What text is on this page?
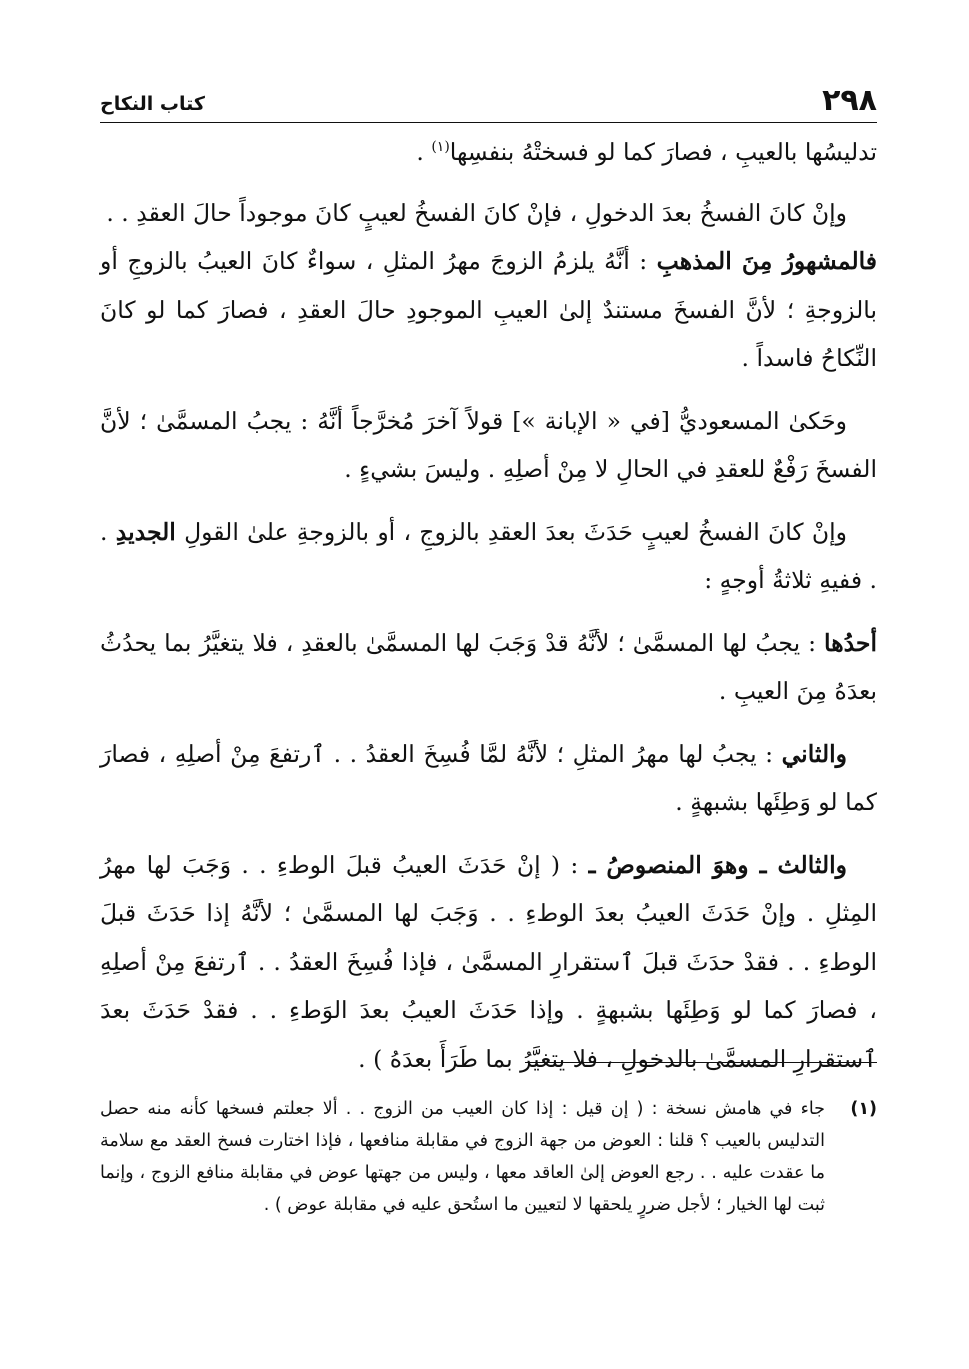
٢٩٨
كتاب النكاح

تدليسُها بالعيبِ ، فصارَ كما لو فسختْهُ بنفسِها$^{(١)}$ .

وإنْ كانَ الفسخُ بعدَ الدخولِ ، فإنْ كانَ الفسخُ لعيبٍ كانَ موجوداً حالَ العقدِ . .

فالمشهورُ مِنَ المذهبِ : أنَّهُ يلزمُ الزوجَ مهرُ المثلِ ، سواءٌ كانَ العيبُ بالزوجِ أو بالزوجةِ ؛ لأنَّ الفسخَ مستندٌ إلىٰ العيبِ الموجودِ حالَ العقدِ ، فصارَ كما لو كانَ النِّكاحُ فاسداً .

وحَكىٰ المسعوديُّ [في « الإبانة »] قولاً آخرَ مُخرَّجاً أنَّهُ : يجبُ المسمَّىٰ ؛ لأنَّ الفسخَ رَفْعٌ للعقدِ في الحالِ لا مِنْ أصلِهِ . وليسَ بشيءٍ .

وإنْ كانَ الفسخُ لعيبٍ حَدَثَ بعدَ العقدِ بالزوجِ ، أو بالزوجةِ علىٰ القولِ الجديدِ . . ففيهِ ثلاثةُ أوجهٍ :

أحدُها : يجبُ لها المسمَّىٰ ؛ لأنَّهُ قدْ وَجَبَ لها المسمَّىٰ بالعقدِ ، فلا يتغيَّرُ بما يحدُثُ بعدَهُ مِنَ العيبِ .

والثاني : يجبُ لها مهرُ المثلِ ؛ لأنَّهُ لمَّا فُسِخَ العقدُ . . ٱرتفعَ مِنْ أصلِهِ ، فصارَ كما لو وَطِئَها بشبهةٍ .

والثالث ـ وهوَ المنصوصُ ـ : ( إنْ حَدَثَ العيبُ قبلَ الوطءِ . . وَجَبَ لها مهرُ المِثلِ . وإنْ حَدَثَ العيبُ بعدَ الوطءِ . . وَجَبَ لها المسمَّىٰ ؛ لأنَّهُ إذا حَدَثَ قبلَ الوطءِ . . فقدْ حدَثَ قبلَ ٱستقرارِ المسمَّىٰ ، فإذا فُسِخَ العقدُ . . ٱرتفعَ مِنْ أصلِهِ ، فصارَ كما لو وَطِئَها بشبهةٍ . وإذا حَدَثَ العيبُ بعدَ الوَطءِ . . فقدْ حَدَثَ بعدَ ٱستقرارِ المسمَّىٰ بالدخولِ ، فلا يتغيَّرُ بما طَرَأَ بعدَهُ ) .

(١)
جاء في هامش نسخة : ( إن قيل : إذا كان العيب من الزوج . . ألا جعلتم فسخها كأنه منه حصل التدليس بالعيب ؟ قلنا : العوض من جهة الزوج في مقابلة منافعها ، فإذا اختارت فسخ العقد مع سلامة ما عقدت عليه . . رجع العوض إلىٰ العاقد معها ، وليس من جهتها عوض في مقابلة منافع الزوج ، وإنما ثبت لها الخيار ؛ لأجل ضررٍ يلحقها لا لتعيين ما استُحق عليه في مقابلة عوض ) .
